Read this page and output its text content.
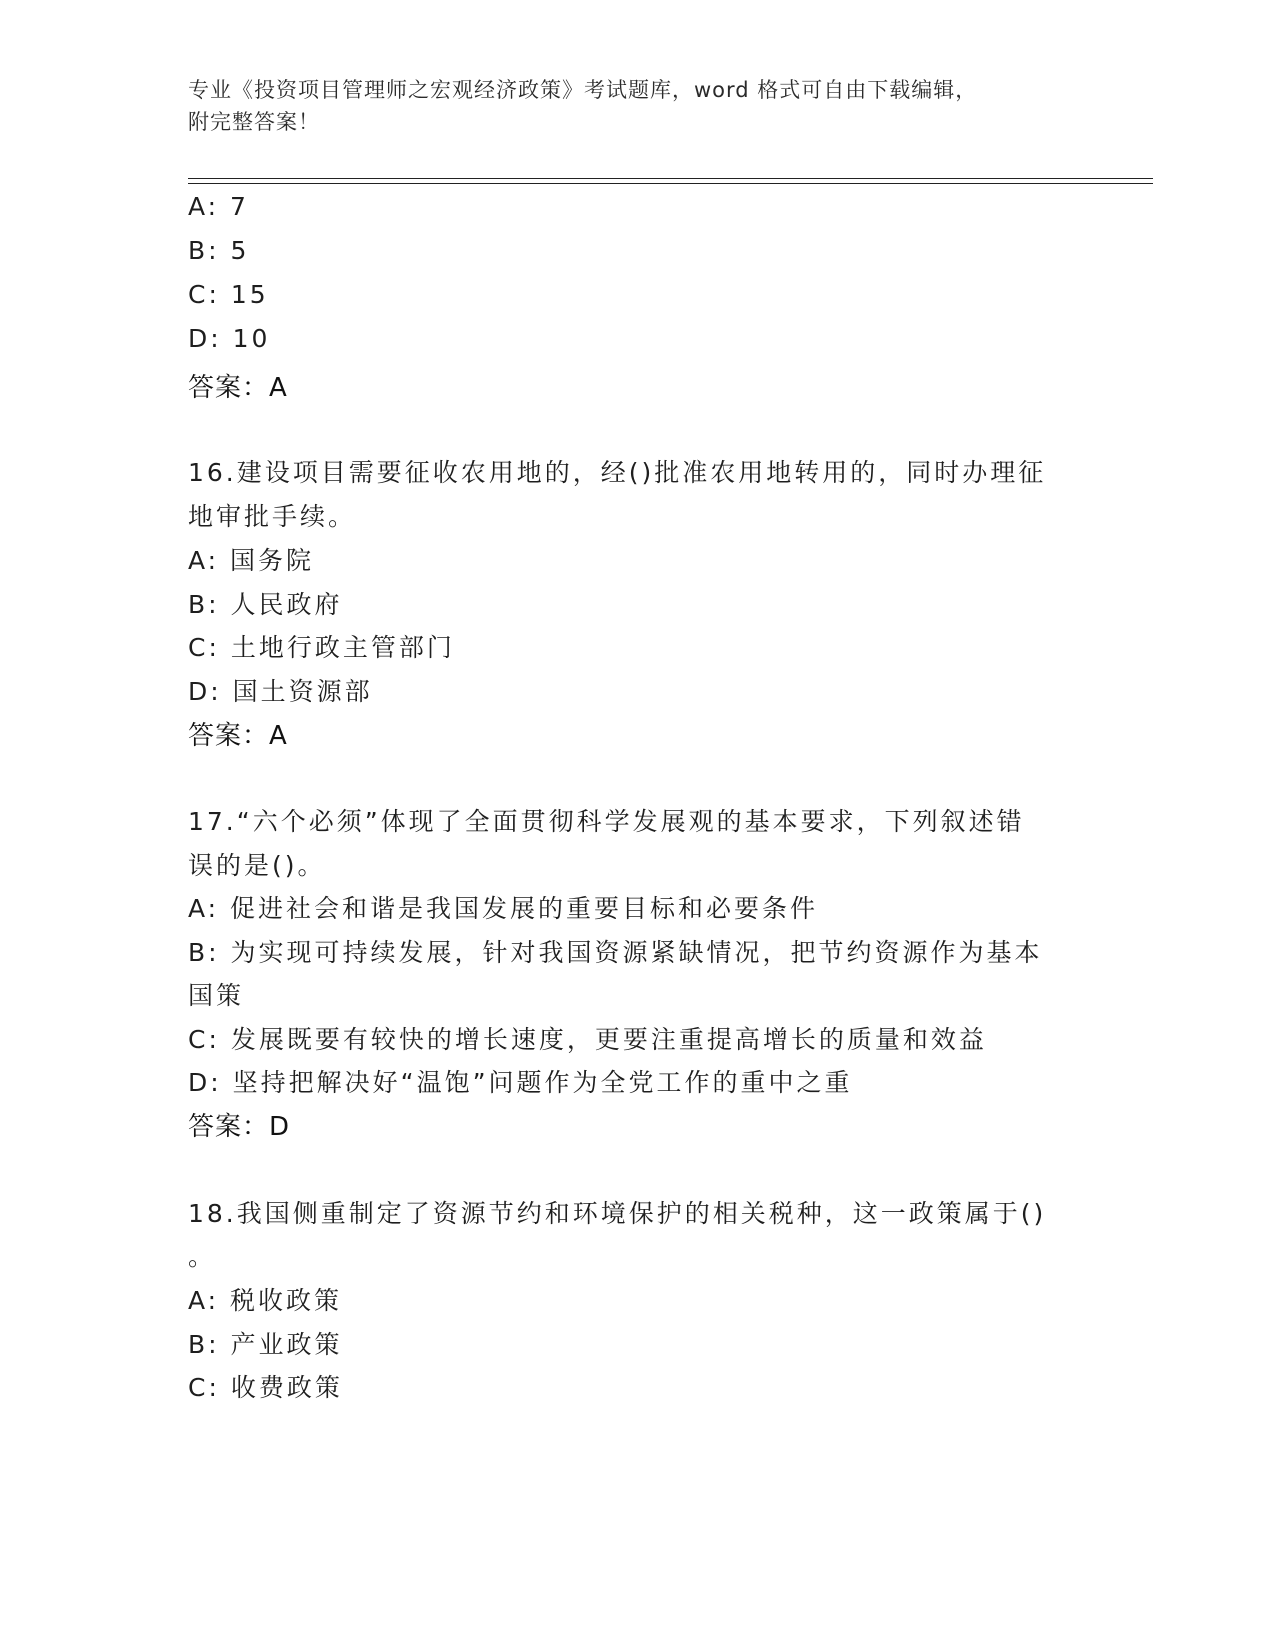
专业《投资项目管理师之宏观经济政策》考试题库，word 格式可自由下载编辑，
附完整答案！
A: 7
B: 5
C: 15
D: 10
答案：A
16.建设项目需要征收农用地的，经()批准农用地转用的，同时办理征
地审批手续。
A: 国务院
B: 人民政府
C: 土地行政主管部门
D: 国土资源部
答案：A
17.“六个必须”体现了全面贯彻科学发展观的基本要求，下列叙述错
误的是()。
A: 促进社会和谐是我国发展的重要目标和必要条件
B: 为实现可持续发展，针对我国资源紧缺情况，把节约资源作为基本
国策
C: 发展既要有较快的增长速度，更要注重提高增长的质量和效益
D: 坚持把解决好“温饱”问题作为全党工作的重中之重
答案：D
18.我国侧重制定了资源节约和环境保护的相关税种，这一政策属于()
。
A: 税收政策
B: 产业政策
C: 收费政策
